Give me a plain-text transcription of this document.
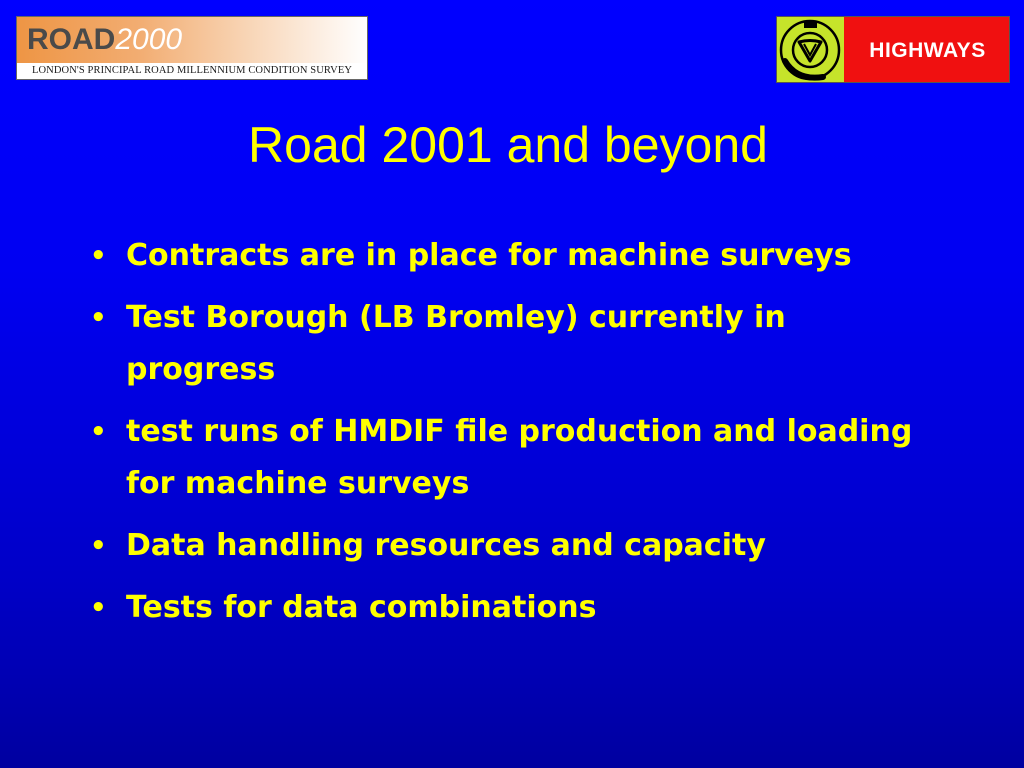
ROAD2000
LONDON'S PRINCIPAL ROAD MILLENNIUM CONDITION SURVEY
HIGHWAYS
Road 2001 and beyond
• Contracts are in place for machine surveys
• Test Borough (LB Bromley) currently in progress
• test runs of HMDIF file production and loading for machine surveys
• Data handling resources and capacity
• Tests for data combinations
